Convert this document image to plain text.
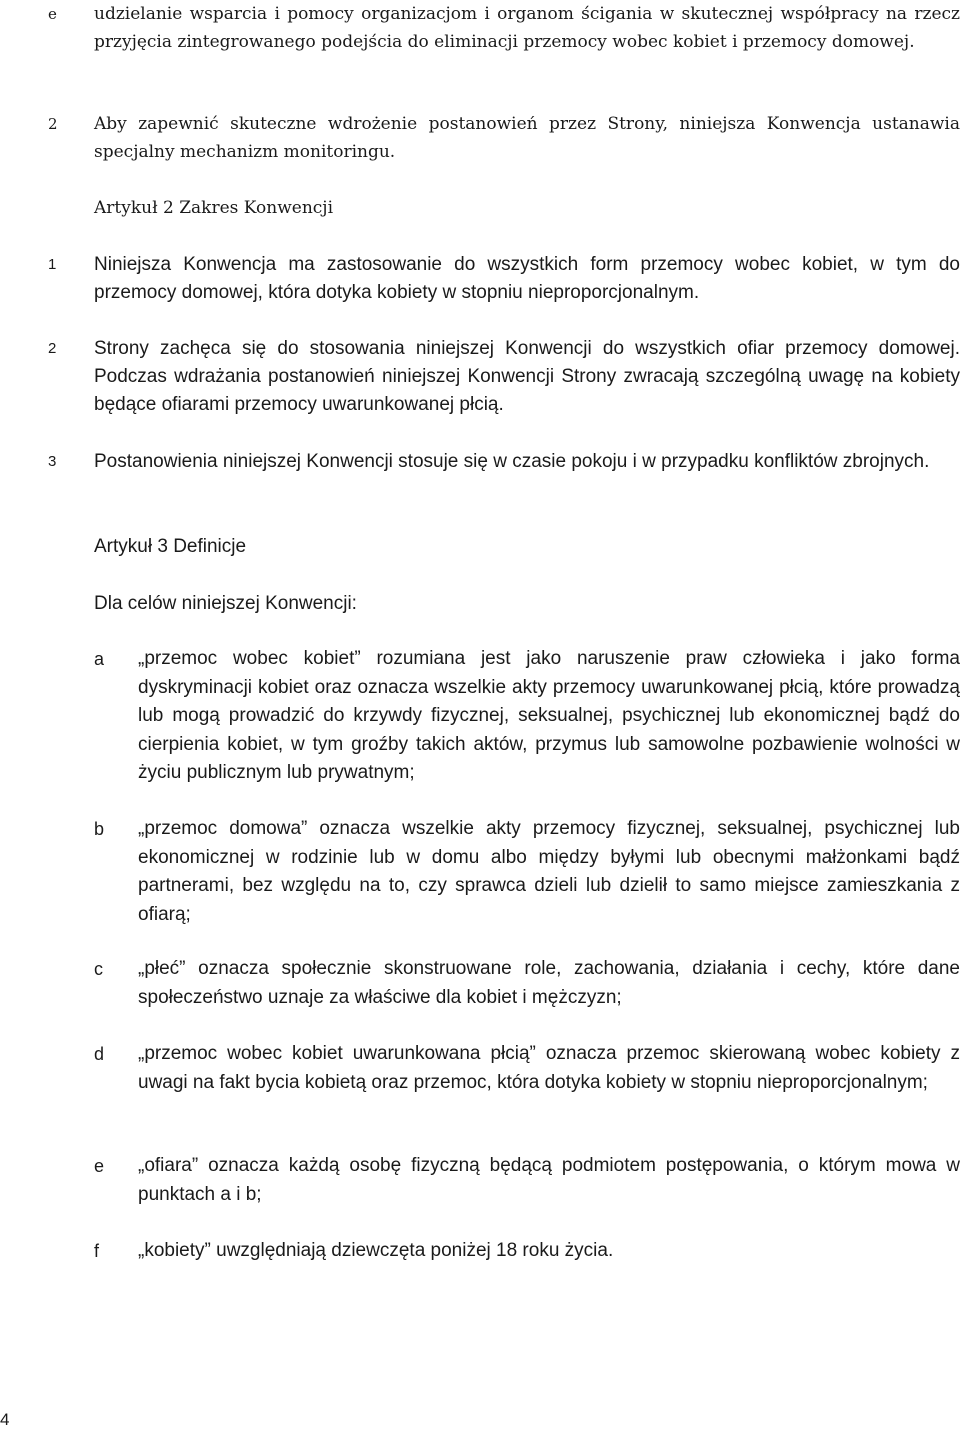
e	udzielanie wsparcia i pomocy organizacjom i organom ścigania w skutecznej współpracy na rzecz przyjęcia zintegrowanego podejścia do eliminacji przemocy wobec kobiet i przemocy domowej.
2	Aby zapewnić skuteczne wdrożenie postanowień przez Strony, niniejsza Konwencja ustanawia specjalny mechanizm monitoringu.
Artykuł 2 Zakres Konwencji
1	Niniejsza Konwencja ma zastosowanie do wszystkich form przemocy wobec kobiet, w tym do przemocy domowej, która dotyka kobiety w stopniu nieproporcjonalnym.
2	Strony zachęca się do stosowania niniejszej Konwencji do wszystkich ofiar przemocy domowej. Podczas wdrażania postanowień niniejszej Konwencji Strony zwracają szczególną uwagę na kobiety będące ofiarami przemocy uwarunkowanej płcią.
3	Postanowienia niniejszej Konwencji stosuje się w czasie pokoju i w przypadku konfliktów zbrojnych.
Artykuł 3 Definicje
Dla celów niniejszej Konwencji:
a	„przemoc wobec kobiet” rozumiana jest jako naruszenie praw człowieka i jako forma dyskryminacji kobiet oraz oznacza wszelkie akty przemocy uwarunkowanej płcią, które prowadzą lub mogą prowadzić do krzywdy fizycznej, seksualnej, psychicznej lub ekonomicznej bądź do cierpienia kobiet, w tym groźby takich aktów, przymus lub samowolne pozbawienie wolności w życiu publicznym lub prywatnym;
b	„przemoc domowa” oznacza wszelkie akty przemocy fizycznej, seksualnej, psychicznej lub ekonomicznej w rodzinie lub w domu albo między byłymi lub obecnymi małżonkami bądź partnerami, bez względu na to, czy sprawca dzieli lub dzielił to samo miejsce zamieszkania z ofiarą;
c	„płeć” oznacza społecznie skonstruowane role, zachowania, działania i cechy, które dane społeczeństwo uznaje za właściwe dla kobiet i mężczyzn;
d	„przemoc wobec kobiet uwarunkowana płcią” oznacza przemoc skierowaną wobec kobiety z uwagi na fakt bycia kobietą oraz przemoc, która dotyka kobiety w stopniu nieproporcjonalnym;
e	„ofiara” oznacza każdą osobę fizyczną będącą podmiotem postępowania, o którym mowa w punktach a i b;
f	„kobiety” uwzględniają dziewczęta poniżej 18 roku życia.
4
